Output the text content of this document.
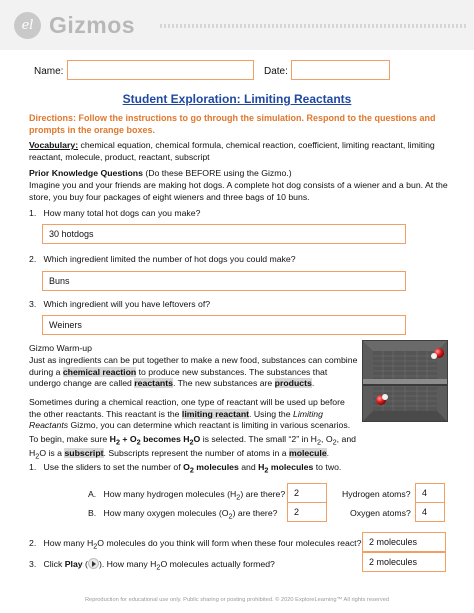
el Gizmos
Name:	Date:
Student Exploration: Limiting Reactants
Directions: Follow the instructions to go through the simulation. Respond to the questions and prompts in the orange boxes.
Vocabulary: chemical equation, chemical formula, chemical reaction, coefficient, limiting reactant, limiting reactant, molecule, product, reactant, subscript
Prior Knowledge Questions (Do these BEFORE using the Gizmo.)
Imagine you and your friends are making hot dogs. A complete hot dog consists of a wiener and a bun. At the store, you buy four packages of eight wieners and three bags of 10 buns.
1. How many total hot dogs can you make?
30 hotdogs
2. Which ingredient limited the number of hot dogs you could make?
Buns
3. Which ingredient will you have leftovers of?
Weiners
Gizmo Warm-up
Just as ingredients can be put together to make a new food, substances can combine during a chemical reaction to produce new substances. The substances that undergo change are called reactants. The new substances are products.
Sometimes during a chemical reaction, one type of reactant will be used up before the other reactants. This reactant is the limiting reactant. Using the Limiting Reactants Gizmo, you can determine which reactant is limiting in various scenarios.
To begin, make sure $H_2 + O_2$ becomes $H_2O$ is selected. The small “2” in $H_2$, $O_2$, and $H_2O$ is a subscript. Subscripts represent the number of atoms in a molecule.
1. Use the sliders to set the number of $O_2$ molecules and $H_2$ molecules to two.
A. How many hydrogen molecules $(H_2)$ are there? 2	Hydrogen atoms?	4
B. How many oxygen molecules $(O_2)$ are there?	2	Oxygen atoms?	4
2. How many $H_2O$ molecules do you think will form when these four molecules react? 2 molecules
3. Click Play ( ). How many $H_2O$ molecules actually formed?	2 molecules
Reproduction for educational use only. Public sharing or posting prohibited. © 2020 ExploreLearning™ All rights reserved
